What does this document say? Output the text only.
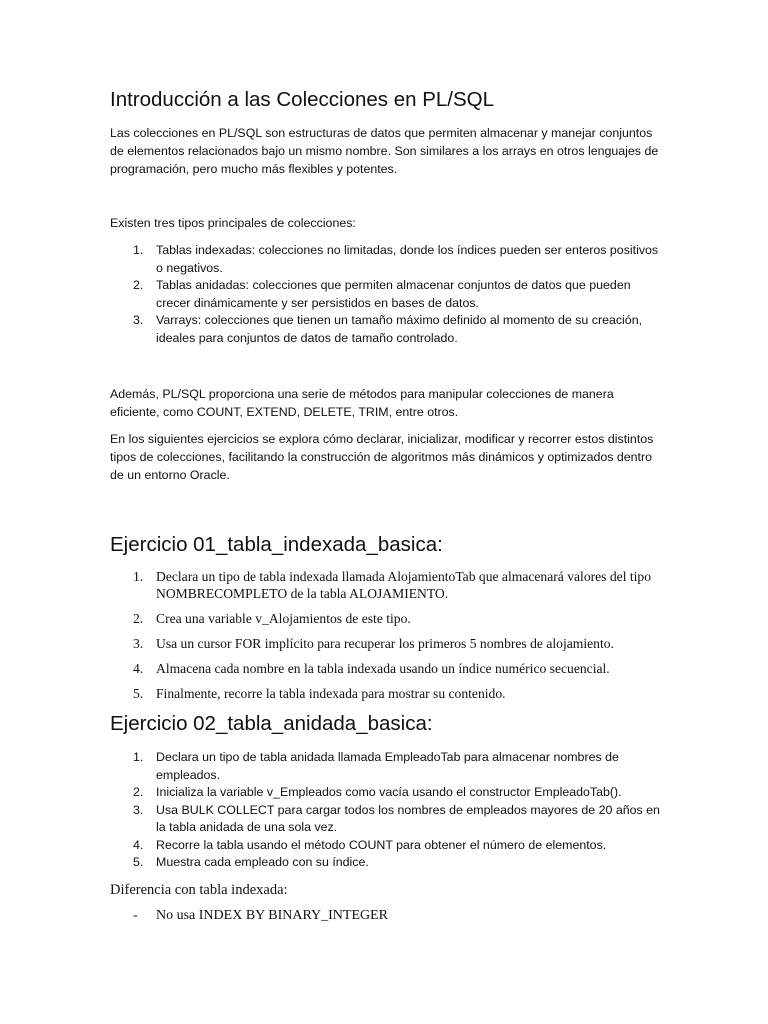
Introducción a las Colecciones en PL/SQL

Las colecciones en PL/SQL son estructuras de datos que permiten almacenar y manejar conjuntos de elementos relacionados bajo un mismo nombre. Son similares a los arrays en otros lenguajes de programación, pero mucho más flexibles y potentes.

Existen tres tipos principales de colecciones:

1. Tablas indexadas: colecciones no limitadas, donde los índices pueden ser enteros positivos o negativos.
2. Tablas anidadas: colecciones que permiten almacenar conjuntos de datos que pueden crecer dinámicamente y ser persistidos en bases de datos.
3. Varrays: colecciones que tienen un tamaño máximo definido al momento de su creación, ideales para conjuntos de datos de tamaño controlado.

Además, PL/SQL proporciona una serie de métodos para manipular colecciones de manera eficiente, como COUNT, EXTEND, DELETE, TRIM, entre otros.

En los siguientes ejercicios se explora cómo declarar, inicializar, modificar y recorrer estos distintos tipos de colecciones, facilitando la construcción de algoritmos más dinámicos y optimizados dentro de un entorno Oracle.

Ejercicio 01_tabla_indexada_basica:
1. Declara un tipo de tabla indexada llamada AlojamientoTab que almacenará valores del tipo NOMBRECOMPLETO de la tabla ALOJAMIENTO.
2. Crea una variable v_Alojamientos de este tipo.
3. Usa un cursor FOR implícito para recuperar los primeros 5 nombres de alojamiento.
4. Almacena cada nombre en la tabla indexada usando un índice numérico secuencial.
5. Finalmente, recorre la tabla indexada para mostrar su contenido.
Ejercicio 02_tabla_anidada_basica:
1. Declara un tipo de tabla anidada llamada EmpleadoTab para almacenar nombres de empleados.
2. Inicializa la variable v_Empleados como vacía usando el constructor EmpleadoTab().
3. Usa BULK COLLECT para cargar todos los nombres de empleados mayores de 20 años en la tabla anidada de una sola vez.
4. Recorre la tabla usando el método COUNT para obtener el número de elementos.
5. Muestra cada empleado con su índice.

Diferencia con tabla indexada:

- No usa INDEX BY BINARY_INTEGER
